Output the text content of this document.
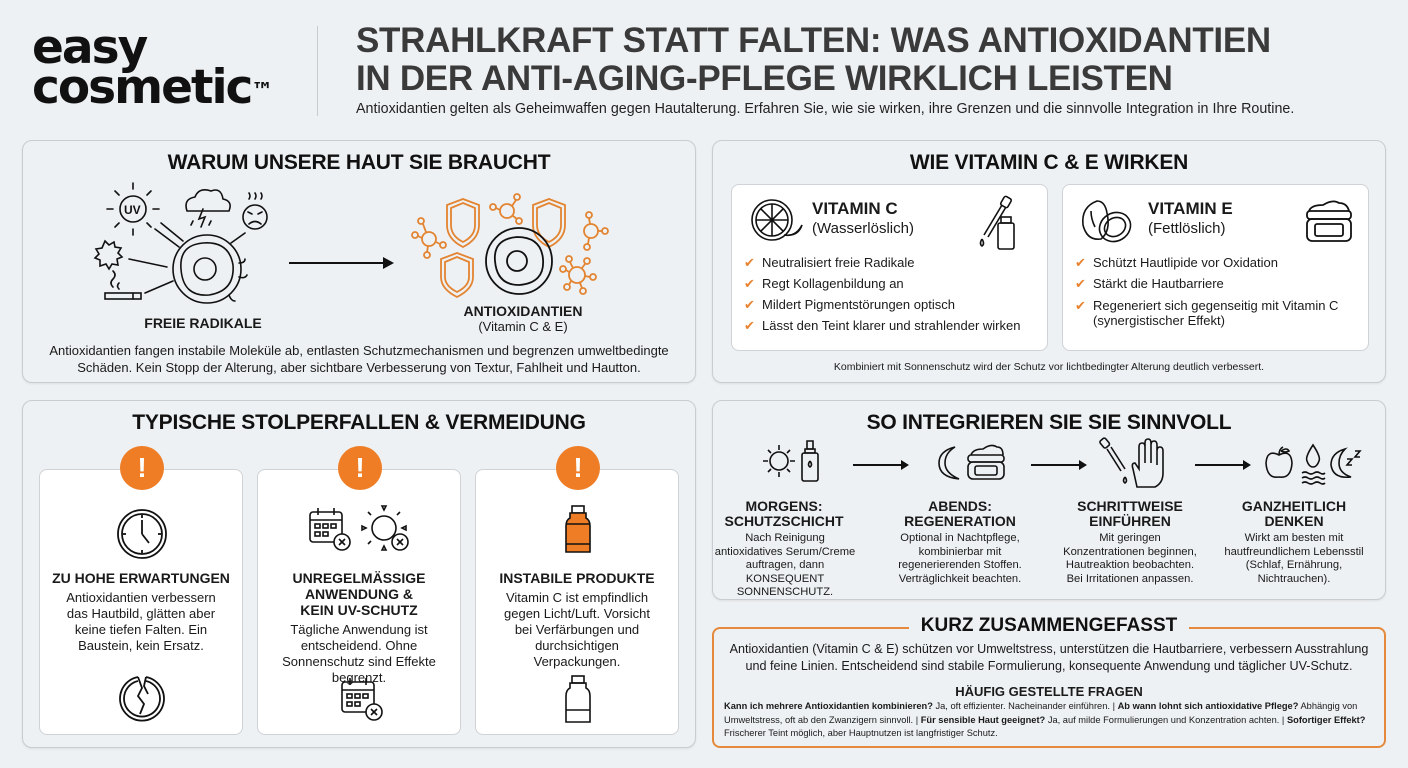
easy
cosmetic™
STRAHLKRAFT STATT FALTEN: WAS ANTIOXIDANTIEN
IN DER ANTI-AGING-PFLEGE WIRKLICH LEISTEN
Antioxidantien gelten als Geheimwaffen gegen Hautalterung. Erfahren Sie, wie sie wirken, ihre Grenzen und die sinnvolle Integration in Ihre Routine.
WARUM UNSERE HAUT SIE BRAUCHT
UV
FREIE RADIKALE
ANTIOXIDANTIEN
(Vitamin C & E)
Antioxidantien fangen instabile Moleküle ab, entlasten Schutzmechanismen und begrenzen umweltbedingte
Schäden. Kein Stopp der Alterung, aber sichtbare Verbesserung von Textur, Fahlheit und Hautton.
WIE VITAMIN C & E WIRKEN
VITAMIN C
(Wasserlöslich)
✔ Neutralisiert freie Radikale
✔ Regt Kollagenbildung an
✔ Mildert Pigmentstörungen optisch
✔ Lässt den Teint klarer und strahlender wirken
VITAMIN E
(Fettlöslich)
✔ Schützt Hautlipide vor Oxidation
✔ Stärkt die Hautbarriere
✔ Regeneriert sich gegenseitig mit Vitamin C (synergistischer Effekt)
Kombiniert mit Sonnenschutz wird der Schutz vor lichtbedingter Alterung deutlich verbessert.
TYPISCHE STOLPERFALLEN & VERMEIDUNG
!
ZU HOHE ERWARTUNGEN
Antioxidantien verbessern das Hautbild, glätten aber keine tiefen Falten. Ein Baustein, kein Ersatz.
!
UNREGELMÄSSIGE ANWENDUNG & KEIN UV-SCHUTZ
Tägliche Anwendung ist entscheidend. Ohne Sonnenschutz sind Effekte begrenzt.
!
INSTABILE PRODUKTE
Vitamin C ist empfindlich gegen Licht/Luft. Vorsicht bei Verfärbungen und durchsichtigen Verpackungen.
SO INTEGRIEREN SIE SIE SINNVOLL
MORGENS:
SCHUTZSCHICHT
Nach Reinigung antioxidatives Serum/Creme auftragen, dann KONSEQUENT SONNENSCHUTZ.
ABENDS:
REGENERATION
Optional in Nachtpflege, kombinierbar mit regenerierenden Stoffen. Verträglichkeit beachten.
SCHRITTWEISE
EINFÜHREN
Mit geringen Konzentrationen beginnen, Hautreaktion beobachten. Bei Irritationen anpassen.
GANZHEITLICH
DENKEN
Wirkt am besten mit hautfreundlichem Lebensstil (Schlaf, Ernährung, Nichtrauchen).
KURZ ZUSAMMENGEFASST
Antioxidantien (Vitamin C & E) schützen vor Umweltstress, unterstützen die Hautbarriere, verbessern Ausstrahlung und feine Linien. Entscheidend sind stabile Formulierung, konsequente Anwendung und täglicher UV-Schutz.
HÄUFIG GESTELLTE FRAGEN
Kann ich mehrere Antioxidantien kombinieren? Ja, oft effizienter. Nacheinander einführen. | Ab wann lohnt sich antioxidative Pflege? Abhängig von Umweltstress, oft ab den Zwanzigern sinnvoll. | Für sensible Haut geeignet? Ja, auf milde Formulierungen und Konzentration achten. | Sofortiger Effekt? Frischerer Teint möglich, aber Hauptnutzen ist langfristiger Schutz.
